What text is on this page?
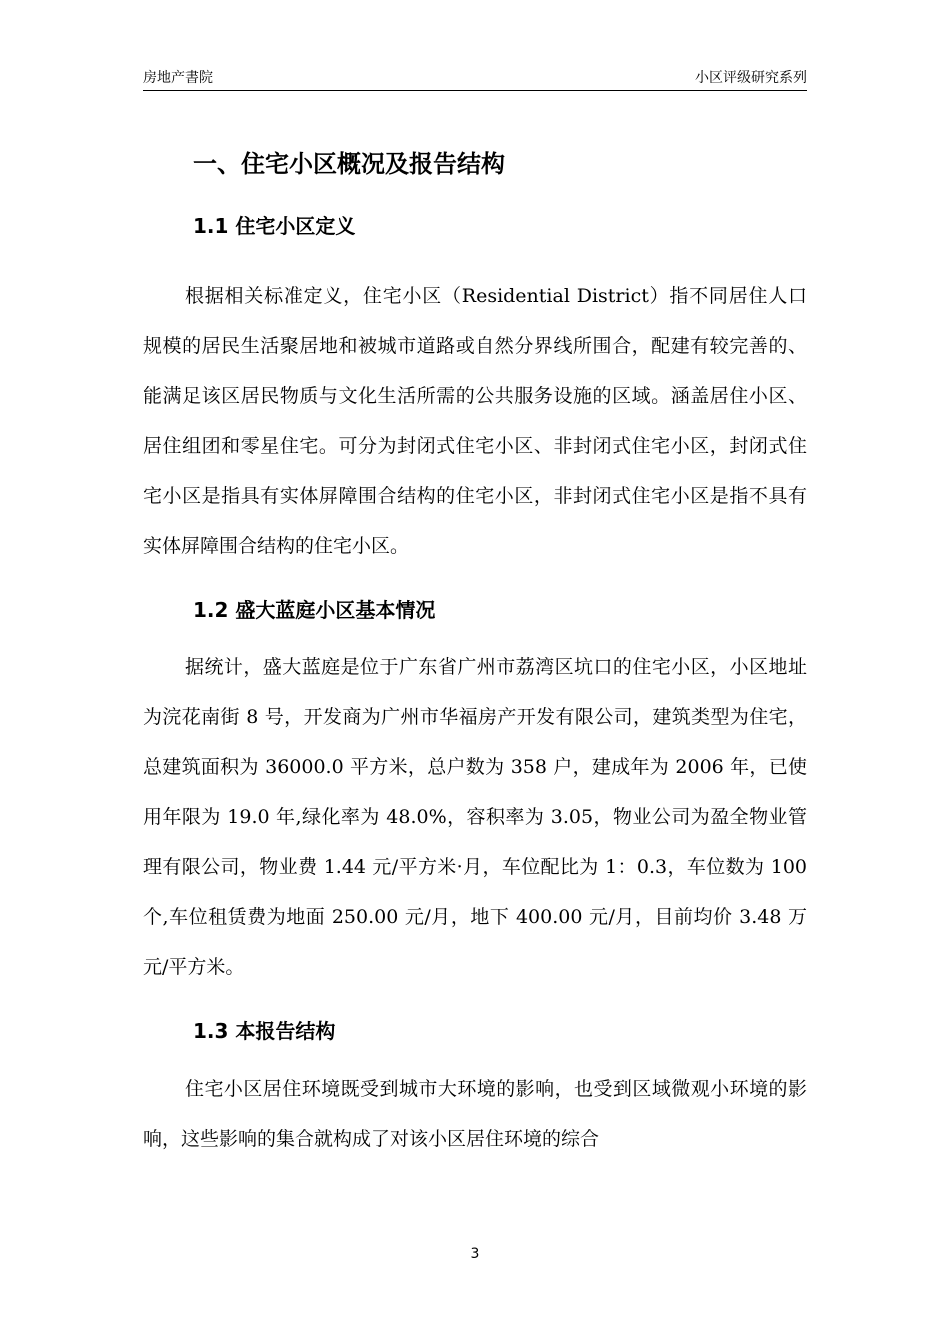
房地产書院	小区评级研究系列
一、住宅小区概况及报告结构
1.1 住宅小区定义

根据相关标准定义，住宅小区（Residential District）指不同居住人口规模的居民生活聚居地和被城市道路或自然分界线所围合，配建有较完善的、能满足该区居民物质与文化生活所需的公共服务设施的区域。涵盖居住小区、居住组团和零星住宅。可分为封闭式住宅小区、非封闭式住宅小区，封闭式住宅小区是指具有实体屏障围合结构的住宅小区，非封闭式住宅小区是指不具有实体屏障围合结构的住宅小区。

1.2 盛大蓝庭小区基本情况

据统计，盛大蓝庭是位于广东省广州市荔湾区坑口的住宅小区，小区地址为浣花南街 8 号，开发商为广州市华福房产开发有限公司，建筑类型为住宅，总建筑面积为 36000.0 平方米，总户数为 358 户，建成年为 2006 年，已使用年限为 19.0 年,绿化率为 48.0%，容积率为 3.05，物业公司为盈全物业管理有限公司，物业费 1.44 元/平方米·月，车位配比为 1：0.3，车位数为 100 个,车位租赁费为地面 250.00 元/月，地下 400.00 元/月，目前均价 3.48 万元/平方米。

1.3 本报告结构

住宅小区居住环境既受到城市大环境的影响，也受到区域微观小环境的影响，这些影响的集合就构成了对该小区居住环境的综合

3
